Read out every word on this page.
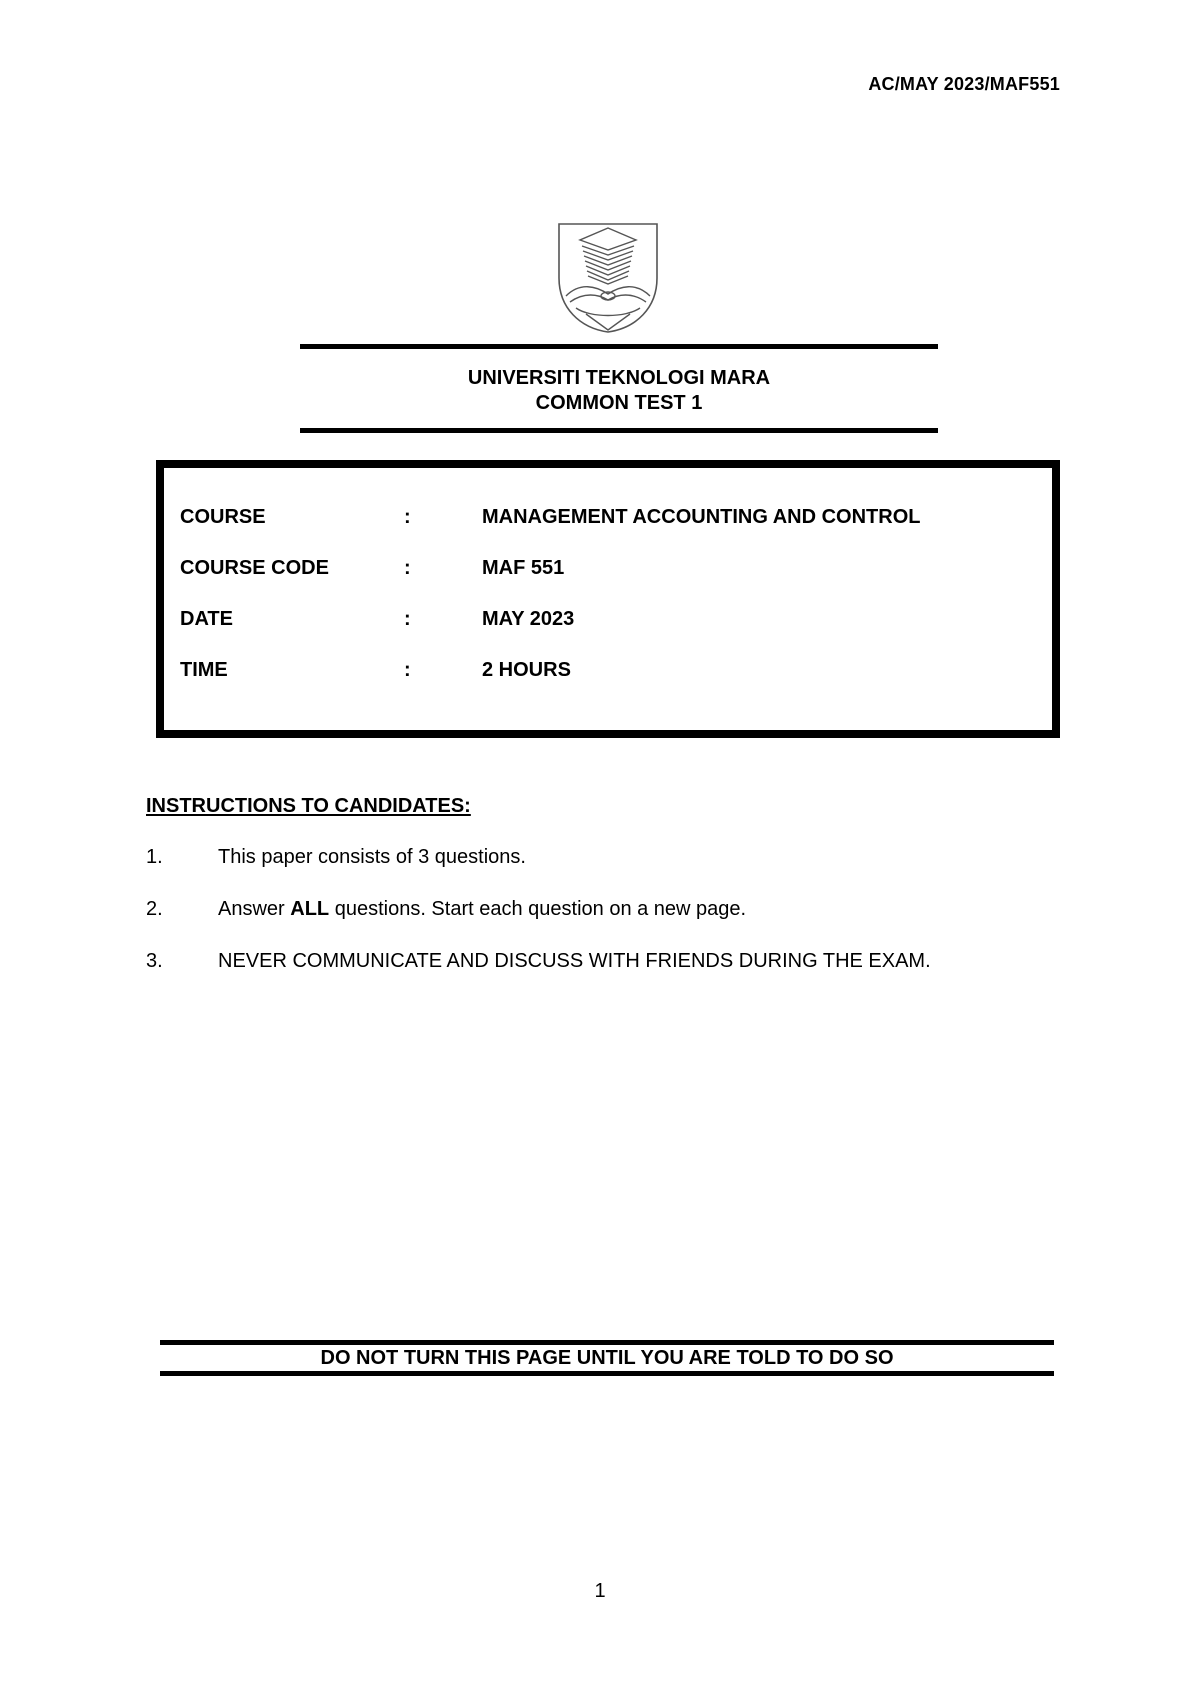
AC/MAY 2023/MAF551
UNIVERSITI TEKNOLOGI MARA
COMMON TEST 1
COURSE	:	MANAGEMENT ACCOUNTING AND CONTROL
COURSE CODE	:	MAF 551
DATE	:	MAY 2023
TIME	:	2 HOURS
INSTRUCTIONS TO CANDIDATES:
1.	This paper consists of 3 questions.
2.	Answer ALL questions. Start each question on a new page.
3.	NEVER COMMUNICATE AND DISCUSS WITH FRIENDS DURING THE EXAM.
DO NOT TURN THIS PAGE UNTIL YOU ARE TOLD TO DO SO
1
